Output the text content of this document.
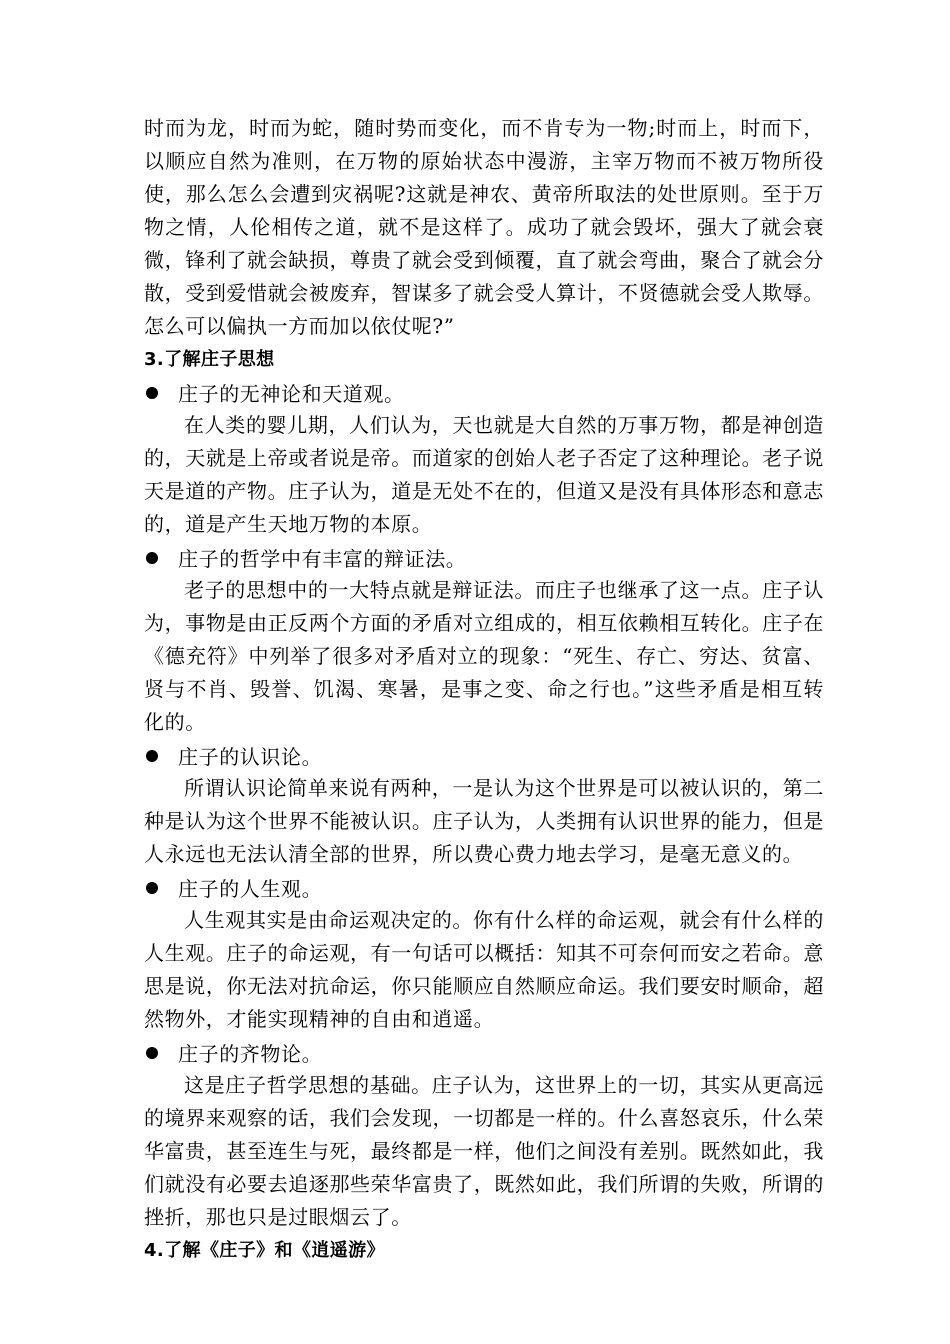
时而为龙，时而为蛇，随时势而变化，而不肯专为一物;时而上，时而下，以顺应自然为准则，在万物的原始状态中漫游，主宰万物而不被万物所役使，那么怎么会遭到灾祸呢?这就是神农、黄帝所取法的处世原则。至于万物之情，人伦相传之道，就不是这样了。成功了就会毁坏，强大了就会衰微，锋利了就会缺损，尊贵了就会受到倾覆，直了就会弯曲，聚合了就会分散，受到爱惜就会被废弃，智谋多了就会受人算计，不贤德就会受人欺辱。怎么可以偏执一方而加以依仗呢?”

3.了解庄子思想
庄子的无神论和天道观。

在人类的婴儿期，人们认为，天也就是大自然的万事万物，都是神创造的，天就是上帝或者说是帝。而道家的创始人老子否定了这种理论。老子说天是道的产物。庄子认为，道是无处不在的，但道又是没有具体形态和意志的，道是产生天地万物的本原。

庄子的哲学中有丰富的辩证法。

老子的思想中的一大特点就是辩证法。而庄子也继承了这一点。庄子认为，事物是由正反两个方面的矛盾对立组成的，相互依赖相互转化。庄子在《德充符》中列举了很多对矛盾对立的现象：“死生、存亡、穷达、贫富、贤与不肖、毁誉、饥渴、寒暑，是事之变、命之行也。”这些矛盾是相互转化的。

庄子的认识论。

所谓认识论简单来说有两种，一是认为这个世界是可以被认识的，第二种是认为这个世界不能被认识。庄子认为，人类拥有认识世界的能力，但是人永远也无法认清全部的世界，所以费心费力地去学习，是毫无意义的。

庄子的人生观。

人生观其实是由命运观决定的。你有什么样的命运观，就会有什么样的人生观。庄子的命运观，有一句话可以概括：知其不可奈何而安之若命。意思是说，你无法对抗命运，你只能顺应自然顺应命运。我们要安时顺命，超然物外，才能实现精神的自由和逍遥。

庄子的齐物论。

这是庄子哲学思想的基础。庄子认为，这世界上的一切，其实从更高远的境界来观察的话，我们会发现，一切都是一样的。什么喜怒哀乐，什么荣华富贵，甚至连生与死，最终都是一样，他们之间没有差别。既然如此，我们就没有必要去追逐那些荣华富贵了，既然如此，我们所谓的失败，所谓的挫折，那也只是过眼烟云了。

4.了解《庄子》和《逍遥游》
